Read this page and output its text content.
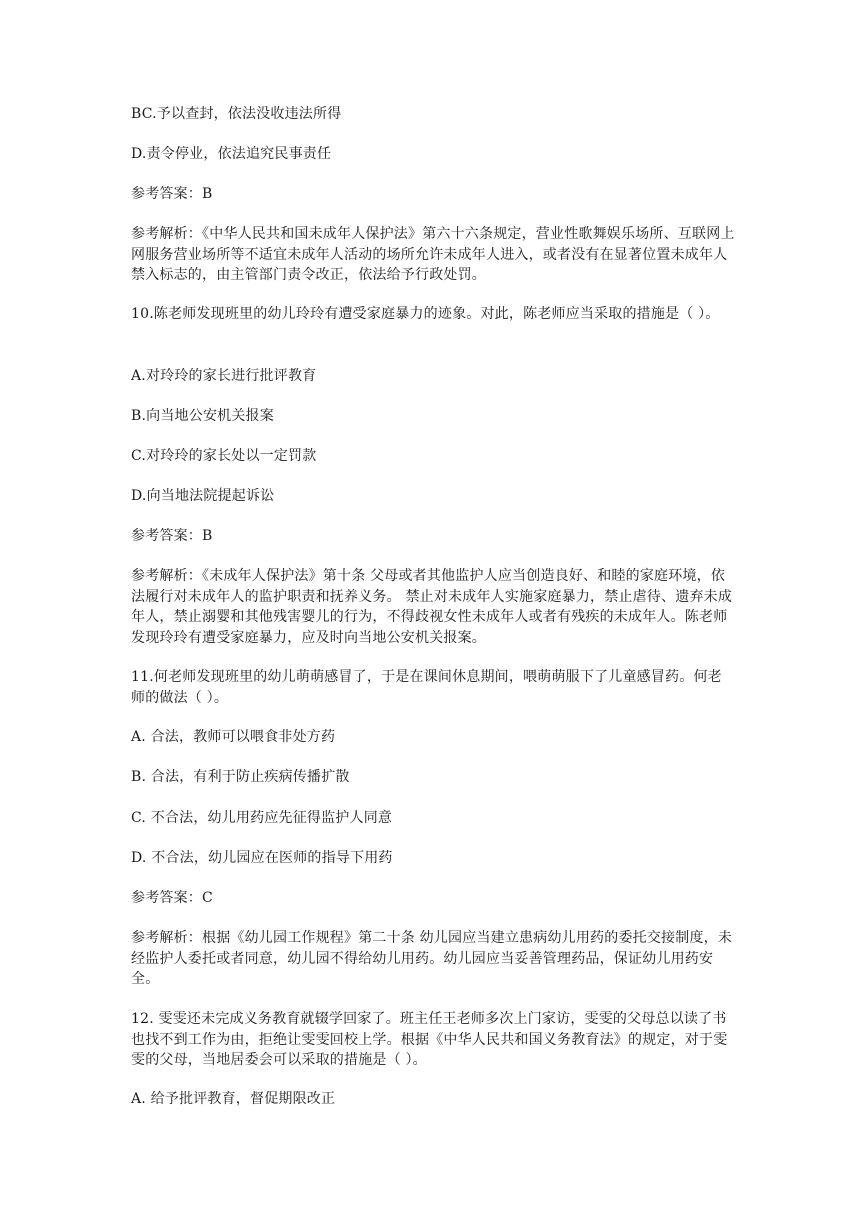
BC.予以查封，依法没收违法所得

D.责令停业，依法追究民事责任

参考答案：B

参考解析：《中华人民共和国未成年人保护法》第六十六条规定，营业性歌舞娱乐场所、互联网上网服务营业场所等不适宜未成年人活动的场所允许未成年人进入，或者没有在显著位置未成年人禁入标志的，由主管部门责令改正，依法给予行政处罚。

10.陈老师发现班里的幼儿玲玲有遭受家庭暴力的迹象。对此，陈老师应当采取的措施是（ ）。

A.对玲玲的家长进行批评教育

B.向当地公安机关报案

C.对玲玲的家长处以一定罚款

D.向当地法院提起诉讼

参考答案：B

参考解析：《未成年人保护法》第十条 父母或者其他监护人应当创造良好、和睦的家庭环境，依法履行对未成年人的监护职责和抚养义务。 禁止对未成年人实施家庭暴力，禁止虐待、遗弃未成年人，禁止溺婴和其他残害婴儿的行为，不得歧视女性未成年人或者有残疾的未成年人。陈老师发现玲玲有遭受家庭暴力，应及时向当地公安机关报案。

11.何老师发现班里的幼儿萌萌感冒了，于是在课间休息期间，喂萌萌服下了儿童感冒药。何老师的做法（ ）。

A. 合法，教师可以喂食非处方药

B. 合法，有利于防止疾病传播扩散

C. 不合法，幼儿用药应先征得监护人同意

D. 不合法，幼儿园应在医师的指导下用药

参考答案：C

参考解析：根据《幼儿园工作规程》第二十条 幼儿园应当建立患病幼儿用药的委托交接制度，未经监护人委托或者同意，幼儿园不得给幼儿用药。幼儿园应当妥善管理药品，保证幼儿用药安全。

12. 雯雯还未完成义务教育就辍学回家了。班主任王老师多次上门家访，雯雯的父母总以读了书也找不到工作为由，拒绝让雯雯回校上学。根据《中华人民共和国义务教育法》的规定，对于雯雯的父母，当地居委会可以采取的措施是（ ）。

A. 给予批评教育，督促期限改正
